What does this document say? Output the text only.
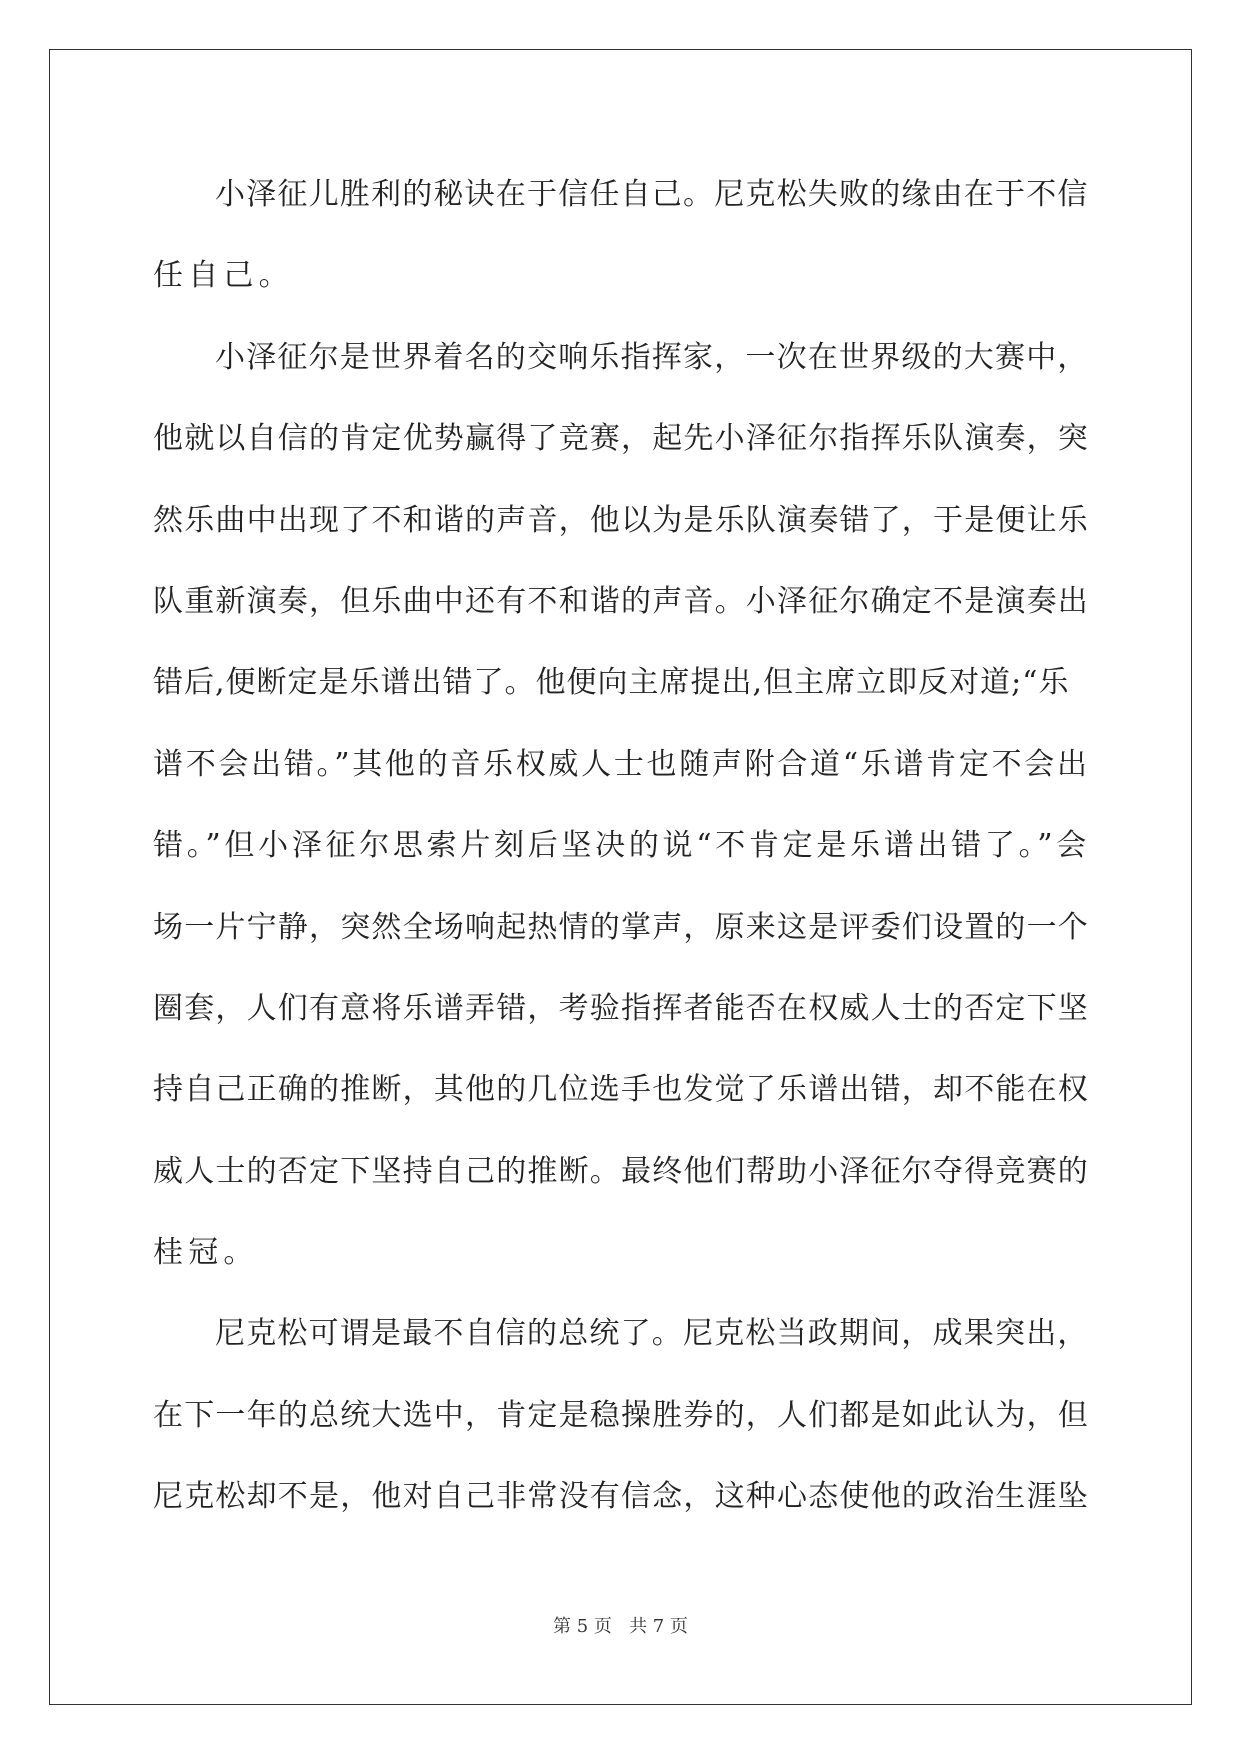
小泽征儿胜利的秘诀在于信任自己。尼克松失败的缘由在于不信
任自己。
小泽征尔是世界着名的交响乐指挥家，一次在世界级的大赛中，
他就以自信的肯定优势赢得了竞赛，起先小泽征尔指挥乐队演奏，突
然乐曲中出现了不和谐的声音，他以为是乐队演奏错了，于是便让乐
队重新演奏，但乐曲中还有不和谐的声音。小泽征尔确定不是演奏出
错后,便断定是乐谱出错了。他便向主席提出,但主席立即反对道;“乐
谱不会出错。”其他的音乐权威人士也随声附合道“乐谱肯定不会出
错。”但小泽征尔思索片刻后坚决的说“不肯定是乐谱出错了。”会
场一片宁静，突然全场响起热情的掌声，原来这是评委们设置的一个
圈套，人们有意将乐谱弄错，考验指挥者能否在权威人士的否定下坚
持自己正确的推断，其他的几位选手也发觉了乐谱出错，却不能在权
威人士的否定下坚持自己的推断。最终他们帮助小泽征尔夺得竞赛的
桂冠。
尼克松可谓是最不自信的总统了。尼克松当政期间，成果突出，
在下一年的总统大选中，肯定是稳操胜券的，人们都是如此认为，但
尼克松却不是，他对自己非常没有信念，这种心态使他的政治生涯坠
第 5 页   共 7 页
